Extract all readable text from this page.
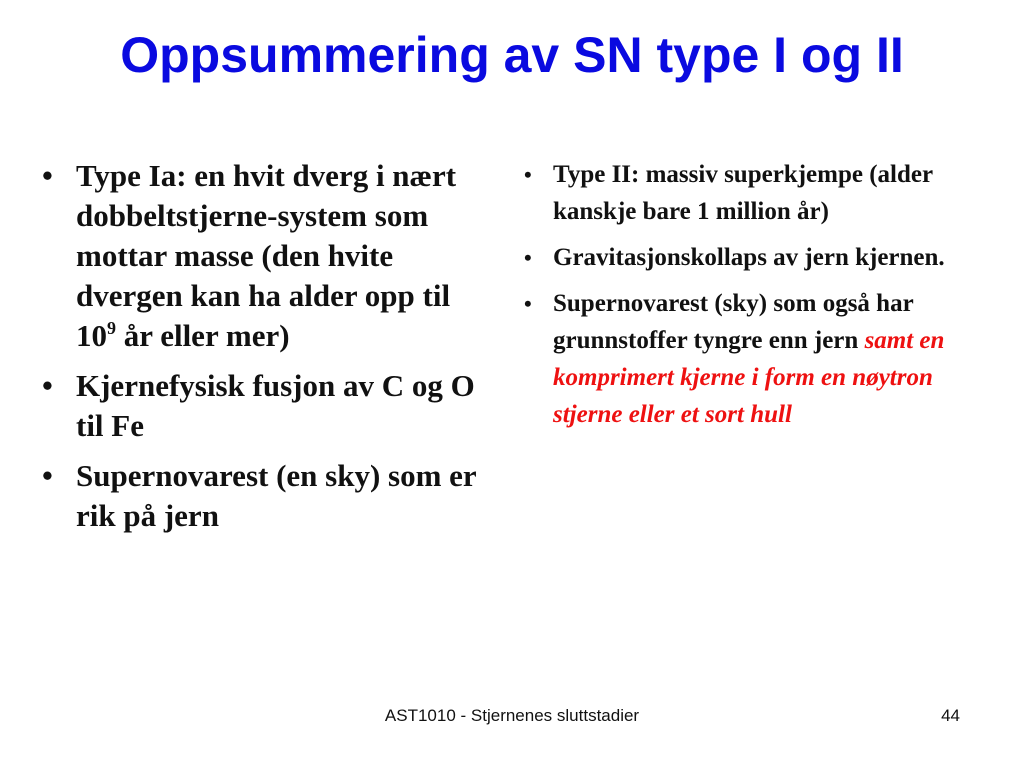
Oppsummering av SN type I og II
• Type Ia: en hvit dverg i nært dobbeltstjerne-system som mottar masse (den hvite dvergen kan ha alder opp til $10^9$ år eller mer)
• Kjernefysisk fusjon av C og O til Fe
• Supernovarest (en sky) som er rik på jern
• Type II: massiv superkjempe (alder kanskje bare 1 million år)
• Gravitasjonskollaps av jern kjernen.
• Supernovarest (sky) som også har grunnstoffer tyngre enn jern samt en komprimert kjerne i form en nøytron stjerne eller et sort hull
AST1010 - Stjernenes sluttstadier	44
